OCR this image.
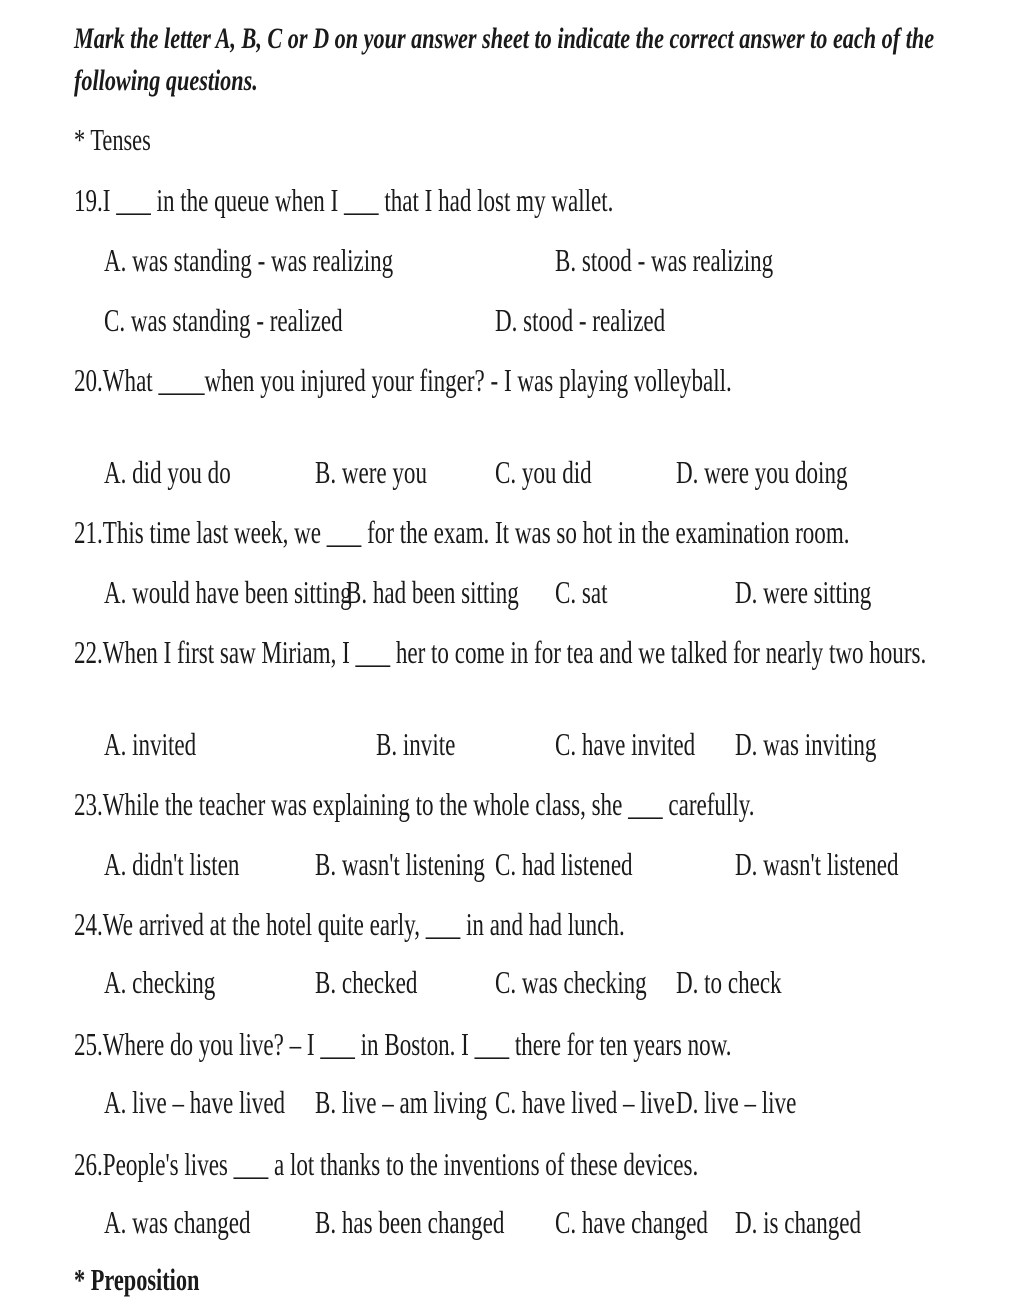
Mark the letter A, B, C or D on your answer sheet to indicate the correct answer to each of the following questions.
* Tenses
19.I ___ in the queue when I ___ that I had lost my wallet.
A. was standing - was realizing	B. stood - was realizing
C. was standing - realized	D. stood - realized
20.What ____when you injured your finger? - I was playing volleyball.
A. did you do	B. were you C. you did	D. were you doing
21.This time last week, we ___ for the exam. It was so hot in the examination room.
A. would have been sitting
B. had been sitting C. sat	D. were sitting
22.When I first saw Miriam, I ___ her to come in for tea and we talked for nearly two hours.
A. invited	B. invite	C. have invited D. was inviting
23.While the teacher was explaining to the whole class, she ___ carefully.
A. didn't listen B. wasn't listening C. had listened	D. wasn't listened
24.We arrived at the hotel quite early, ___ in and had lunch.
A. checking	B. checked C. was checking D. to check
25.Where do you live? – I ___ in Boston. I ___ there for ten years now.
A. live – have lived B. live – am living C. have lived – live D. live – live
26.People's lives ___ a lot thanks to the inventions of these devices.
A. was changed B. has been changed C. have changed D. is changed
* Preposition
